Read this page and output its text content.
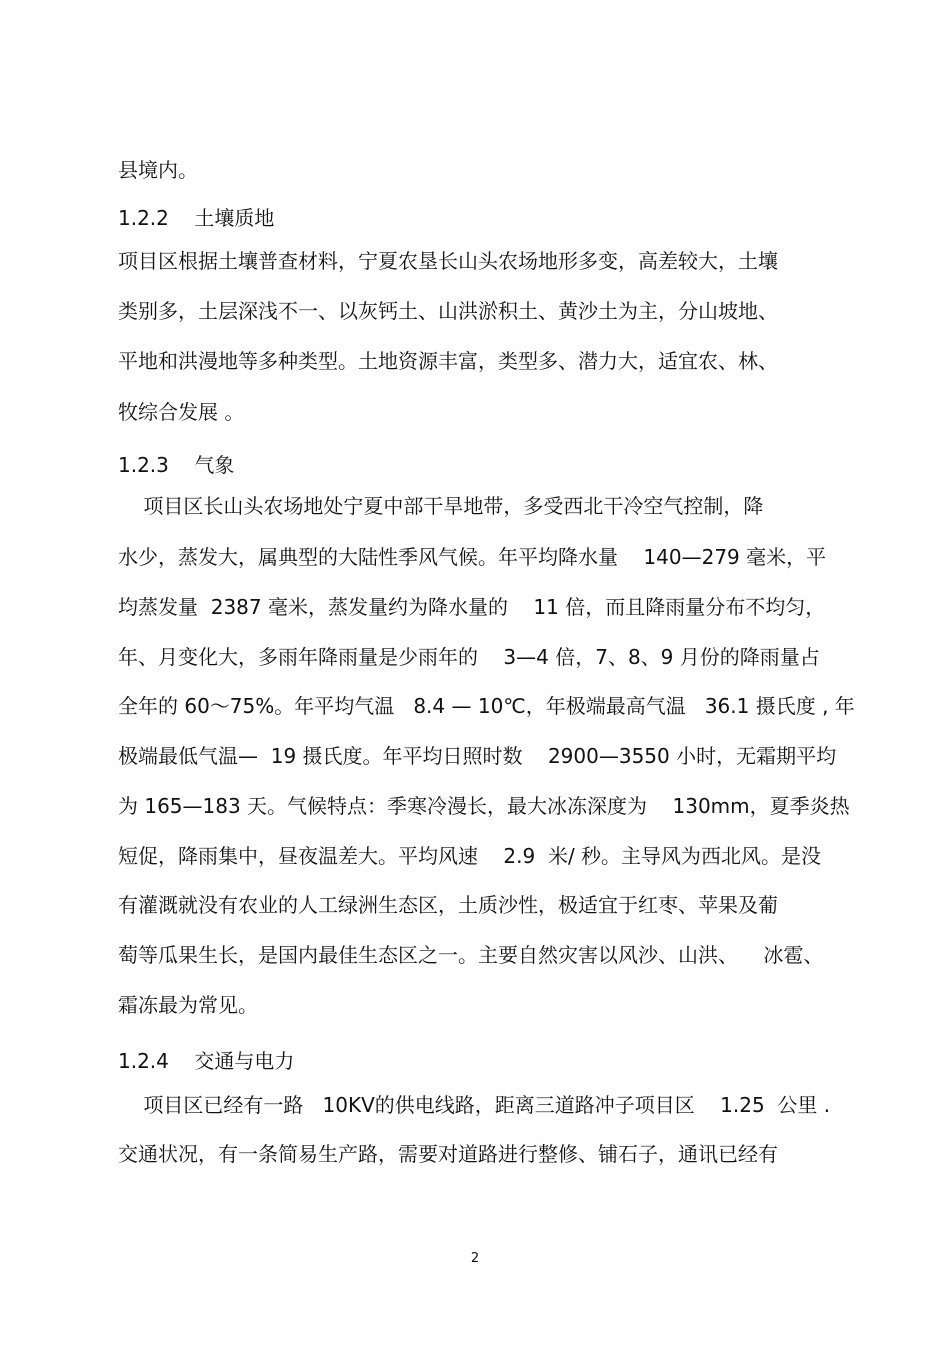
县境内。
1.2.2    土壤质地
项目区根据土壤普查材料，宁夏农垦长山头农场地形多变，高差较大，土壤
类别多，土层深浅不一、以灰钙土、山洪淤积土、黄沙土为主，分山坡地、
平地和洪漫地等多种类型。土地资源丰富，类型多、潜力大，适宜农、林、
牧综合发展 。
1.2.3    气象
项目区长山头农场地处宁夏中部干旱地带，多受西北干冷空气控制，降
水少，蒸发大，属典型的大陆性季风气候。年平均降水量    140—279 毫米，平
均蒸发量  2387 毫米，蒸发量约为降水量的    11 倍，而且降雨量分布不均匀，
年、月变化大，多雨年降雨量是少雨年的    3—4 倍，7、8、9 月份的降雨量占
全年的 60～75%。年平均气温   8.4 — 10℃，年极端最高气温   36.1 摄氏度 , 年
极端最低气温—  19 摄氏度。年平均日照时数    2900—3550 小时，无霜期平均
为 165—183 天。气候特点：季寒冷漫长，最大冰冻深度为    130mm，夏季炎热
短促，降雨集中，昼夜温差大。平均风速    2.9  米/ 秒。主导风为西北风。是没
有灌溉就没有农业的人工绿洲生态区，土质沙性，极适宜于红枣、苹果及葡
萄等瓜果生长，是国内最佳生态区之一。主要自然灾害以风沙、山洪、    冰雹、
霜冻最为常见。
1.2.4    交通与电力
项目区已经有一路   10KV的供电线路，距离三道路冲子项目区    1.25  公里 .
交通状况，有一条简易生产路，需要对道路进行整修、铺石子，通讯已经有
2
